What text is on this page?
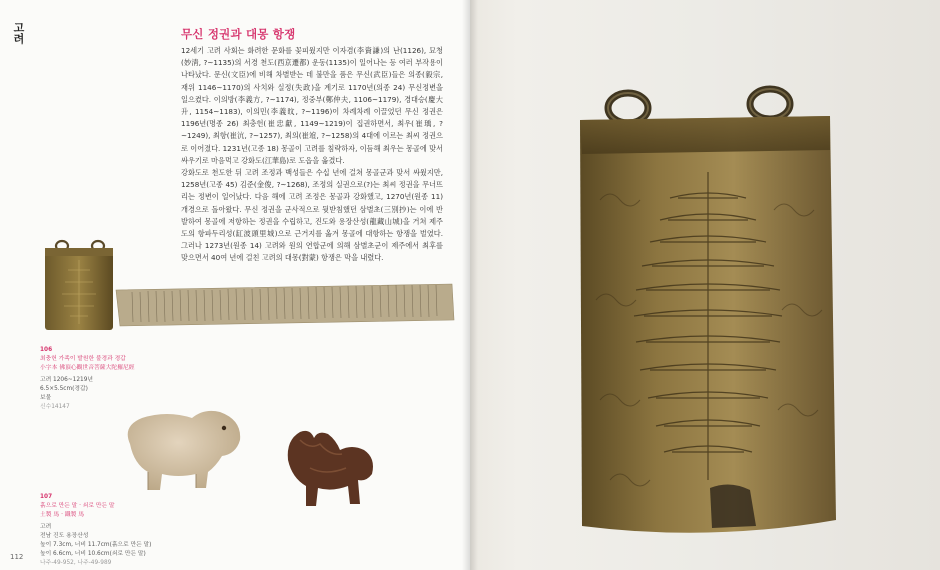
고려	무신 정권과 대몽 항쟁

12세기 고려 사회는 화려한 문화를 꽃피웠지만 이자겸(李資謙)의 난(1126), 묘청(妙淸, ?~1135)의 서경 천도(西京遷都) 운동(1135)이 일어나는 등 여러 부작용이 나타났다. 문신(文臣)에 비해 차별받는 데 불만을 품은 무신(武臣)들은 의종(毅宗, 재위 1146~1170)의 사치와 실정(失政)을 계기로 1170년(의종 24) 무신정변을 일으켰다. 이의방(李義方, ?~1174), 정중부(鄭仲夫, 1106~1179), 경대승(慶大升, 1154~1183), 이의민(李義旼, ?~1196)이 차례차례 이끌었던 무신 정권은 1196년(명종 26) 최충헌(崔忠獻, 1149~1219)이 집권하면서, 최우(崔瑀, ?~1249), 최항(崔沆, ?~1257), 최의(崔竩, ?~1258)의 4대에 이르는 최씨 정권으로 이어졌다. 1231년(고종 18) 몽골이 고려를 침략하자, 이듬해 최우는 몽골에 맞서 싸우기로 마음먹고 강화도(江華島)로 도읍을 옮겼다.

강화도로 천도한 뒤 고려 조정과 백성들은 수십 년에 걸쳐 몽골군과 맞서 싸웠지만, 1258년(고종 45) 김준(金俊, ?~1268), 조정의 실권으로(?)는 최씨 정권을 무너뜨리는 정변이 일어났다. 다음 해에 고려 조정은 몽골과 강화했고, 1270년(원종 11) 개경으로 돌아왔다. 무신 정권을 군사적으로 뒷받침했던 삼별초(三別抄)는 이에 반발하여 몽골에 저항하는 정권을 수립하고, 진도와 용장산성(龍藏山城)을 거쳐 제주도의 항파두리성(缸波頭里城)으로 근거지를 옮겨 몽골에 대항하는 항쟁을 벌였다. 그러나 1273년(원종 14) 고려와 원의 연합군에 의해 삼별초군이 제주에서 최후를 맞으면서 40여 년에 걸친 고려의 대몽(對蒙) 항쟁은 막을 내렸다.

106
최충헌 가족이 발원한 불경과 경갑
小字本 佛頂心觀世音菩薩大陀羅尼經
고려 1206~1219년
6.5×5.5cm(경갑)
보물
신수14147
107
흙으로 만든 말 · 쇠로 만든 말
土製 馬 · 鐵製 馬
고려
전남 진도 용장산성
높이 7.3cm, 너비 11.7cm(흙으로 만든 말)
높이 6.6cm, 너비 10.6cm(쇠로 만든 말)
나주-49-952, 나주-49-989
112
